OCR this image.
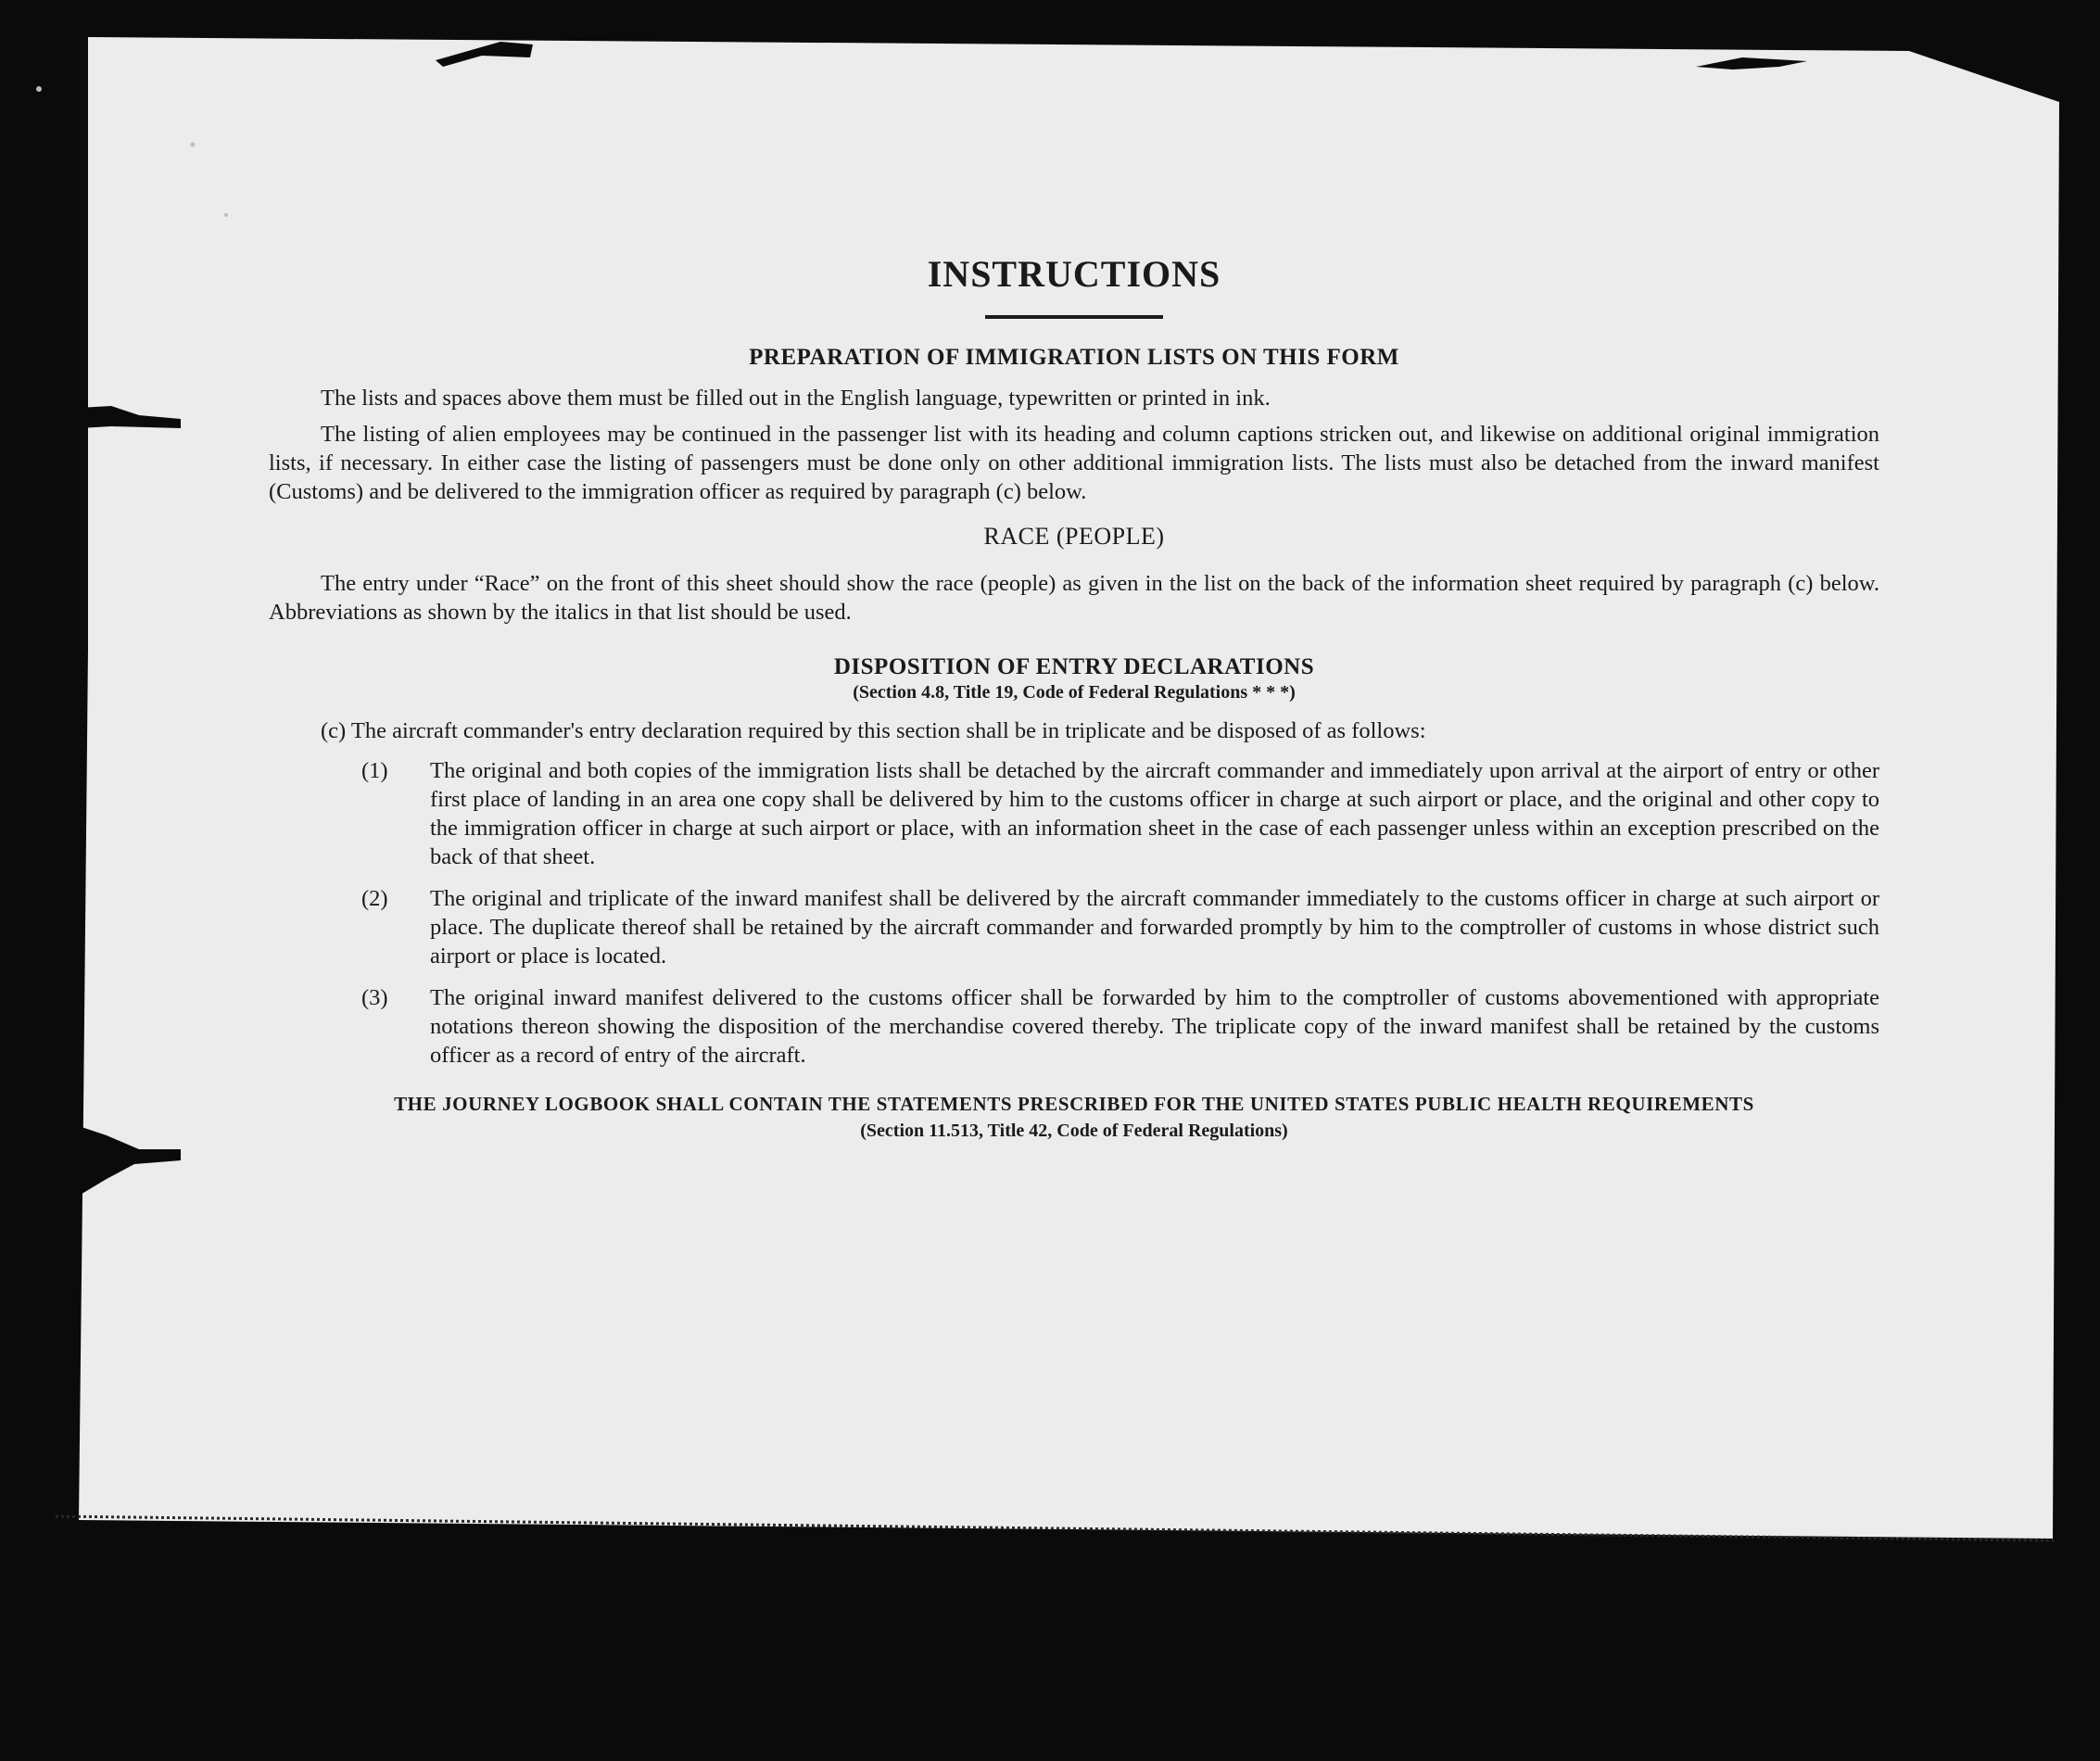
INSTRUCTIONS
PREPARATION OF IMMIGRATION LISTS ON THIS FORM

The lists and spaces above them must be filled out in the English language, typewritten or printed in ink.

The listing of alien employees may be continued in the passenger list with its heading and column captions stricken out, and likewise on additional original immigration lists, if necessary. In either case the listing of passengers must be done only on other additional immigration lists. The lists must also be detached from the inward manifest (Customs) and be delivered to the immigration officer as required by paragraph (c) below.

RACE (PEOPLE)

The entry under “Race” on the front of this sheet should show the race (people) as given in the list on the back of the information sheet required by paragraph (c) below. Abbreviations as shown by the italics in that list should be used.

DISPOSITION OF ENTRY DECLARATIONS
(Section 4.8, Title 19, Code of Federal Regulations * * *)

(c) The aircraft commander's entry declaration required by this section shall be in triplicate and be disposed of as follows:

(1) The original and both copies of the immigration lists shall be detached by the aircraft commander and immediately upon arrival at the airport of entry or other first place of landing in an area one copy shall be delivered by him to the customs officer in charge at such airport or place, and the original and other copy to the immigration officer in charge at such airport or place, with an information sheet in the case of each passenger unless within an exception prescribed on the back of that sheet.
(2) The original and triplicate of the inward manifest shall be delivered by the aircraft commander immediately to the customs officer in charge at such airport or place. The duplicate thereof shall be retained by the aircraft commander and forwarded promptly by him to the comptroller of customs in whose district such airport or place is located.
(3) The original inward manifest delivered to the customs officer shall be forwarded by him to the comptroller of customs abovementioned with appropriate notations thereon showing the disposition of the merchandise covered thereby. The triplicate copy of the inward manifest shall be retained by the customs officer as a record of entry of the aircraft.
THE JOURNEY LOGBOOK SHALL CONTAIN THE STATEMENTS PRESCRIBED FOR THE UNITED STATES PUBLIC HEALTH REQUIREMENTS
(Section 11.513, Title 42, Code of Federal Regulations)
